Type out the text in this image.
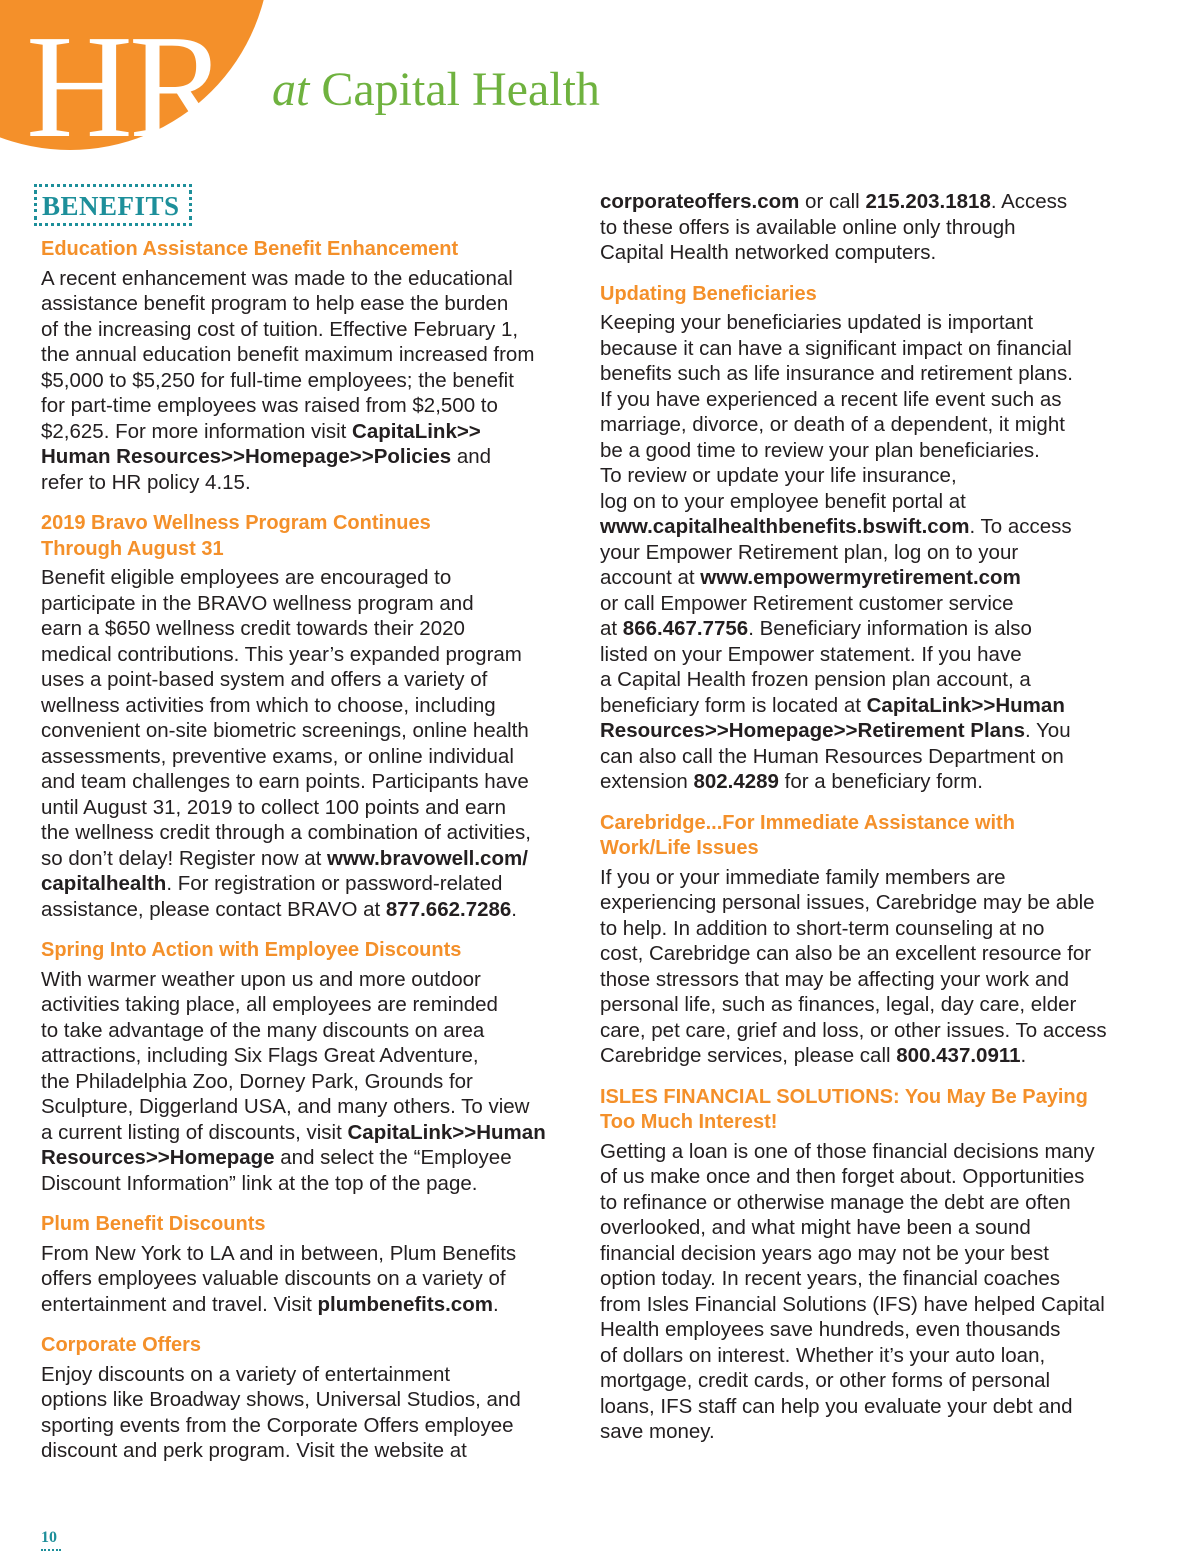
HR at Capital Health
BENEFITS
Education Assistance Benefit Enhancement

A recent enhancement was made to the educational
assistance benefit program to help ease the burden
of the increasing cost of tuition. Effective February 1,
the annual education benefit maximum increased from
$5,000 to $5,250 for full-time employees; the benefit
for part-time employees was raised from $2,500 to
$2,625. For more information visit CapitaLink>>
Human Resources>>Homepage>>Policies and
refer to HR policy 4.15.

2019 Bravo Wellness Program Continues
Through August 31

Benefit eligible employees are encouraged to
participate in the BRAVO wellness program and
earn a $650 wellness credit towards their 2020
medical contributions. This year’s expanded program
uses a point-based system and offers a variety of
wellness activities from which to choose, including
convenient on-site biometric screenings, online health
assessments, preventive exams, or online individual
and team challenges to earn points. Participants have
until August 31, 2019 to collect 100 points and earn
the wellness credit through a combination of activities,
so don’t delay! Register now at www.bravowell.com/
capitalhealth. For registration or password-related
assistance, please contact BRAVO at 877.662.7286.

Spring Into Action with Employee Discounts

With warmer weather upon us and more outdoor
activities taking place, all employees are reminded
to take advantage of the many discounts on area
attractions, including Six Flags Great Adventure,
the Philadelphia Zoo, Dorney Park, Grounds for
Sculpture, Diggerland USA, and many others. To view
a current listing of discounts, visit CapitaLink>>Human
Resources>>Homepage and select the “Employee
Discount Information” link at the top of the page.

Plum Benefit Discounts

From New York to LA and in between, Plum Benefits
offers employees valuable discounts on a variety of
entertainment and travel. Visit plumbenefits.com.

Corporate Offers

Enjoy discounts on a variety of entertainment
options like Broadway shows, Universal Studios, and
sporting events from the Corporate Offers employee
discount and perk program. Visit the website at

corporateoffers.com or call 215.203.1818. Access
to these offers is available online only through
Capital Health networked computers.

Updating Beneficiaries

Keeping your beneficiaries updated is important
because it can have a significant impact on financial
benefits such as life insurance and retirement plans.
If you have experienced a recent life event such as
marriage, divorce, or death of a dependent, it might
be a good time to review your plan beneficiaries.
To review or update your life insurance,
log on to your employee benefit portal at
www.capitalhealthbenefits.bswift.com. To access
your Empower Retirement plan, log on to your
account at www.empowermyretirement.com
or call Empower Retirement customer service
at 866.467.7756. Beneficiary information is also
listed on your Empower statement. If you have
a Capital Health frozen pension plan account, a
beneficiary form is located at CapitaLink>>Human
Resources>>Homepage>>Retirement Plans. You
can also call the Human Resources Department on
extension 802.4289 for a beneficiary form.

Carebridge...For Immediate Assistance with
Work/Life Issues

If you or your immediate family members are
experiencing personal issues, Carebridge may be able
to help. In addition to short-term counseling at no
cost, Carebridge can also be an excellent resource for
those stressors that may be affecting your work and
personal life, such as finances, legal, day care, elder
care, pet care, grief and loss, or other issues. To access
Carebridge services, please call 800.437.0911.

ISLES FINANCIAL SOLUTIONS: You May Be Paying
Too Much Interest!

Getting a loan is one of those financial decisions many
of us make once and then forget about. Opportunities
to refinance or otherwise manage the debt are often
overlooked, and what might have been a sound
financial decision years ago may not be your best
option today. In recent years, the financial coaches
from Isles Financial Solutions (IFS) have helped Capital
Health employees save hundreds, even thousands
of dollars on interest. Whether it’s your auto loan,
mortgage, credit cards, or other forms of personal
loans, IFS staff can help you evaluate your debt and
save money.

10
